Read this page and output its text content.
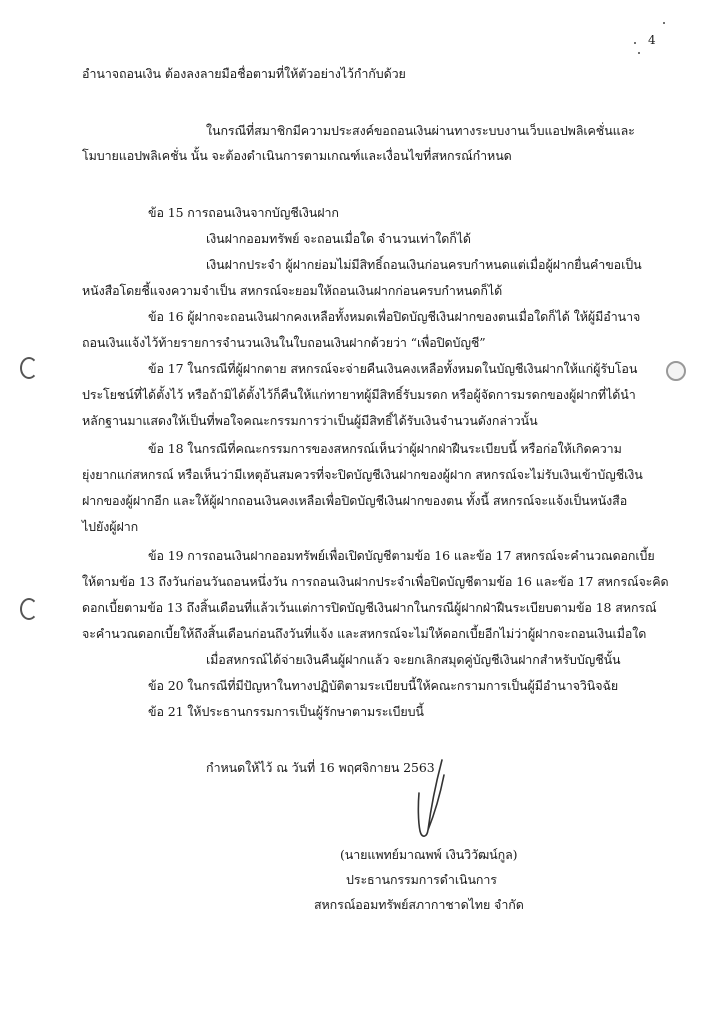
4
อำนาจถอนเงิน ต้องลงลายมือชื่อตามที่ให้ตัวอย่างไว้กำกับด้วย
ในกรณีที่สมาชิกมีความประสงค์ขอถอนเงินผ่านทางระบบงานเว็บแอปพลิเคชั่นและ
โมบายแอปพลิเคชั่น นั้น จะต้องดำเนินการตามเกณฑ์และเงื่อนไขที่สหกรณ์กำหนด
ข้อ 15 การถอนเงินจากบัญชีเงินฝาก
เงินฝากออมทรัพย์ จะถอนเมื่อใด จำนวนเท่าใดก็ได้
เงินฝากประจำ ผู้ฝากย่อมไม่มีสิทธิ์ถอนเงินก่อนครบกำหนดแต่เมื่อผู้ฝากยื่นคำขอเป็น
หนังสือโดยชี้แจงความจำเป็น สหกรณ์จะยอมให้ถอนเงินฝากก่อนครบกำหนดก็ได้
ข้อ 16 ผู้ฝากจะถอนเงินฝากคงเหลือทั้งหมดเพื่อปิดบัญชีเงินฝากของตนเมื่อใดก็ได้ ให้ผู้มีอำนาจ
ถอนเงินแจ้งไว้ท้ายรายการจำนวนเงินในใบถอนเงินฝากด้วยว่า “เพื่อปิดบัญชี”
ข้อ 17 ในกรณีที่ผู้ฝากตาย สหกรณ์จะจ่ายคืนเงินคงเหลือทั้งหมดในบัญชีเงินฝากให้แก่ผู้รับโอน
ประโยชน์ที่ได้ตั้งไว้ หรือถ้ามิได้ตั้งไว้ก็คืนให้แก่ทายาทผู้มีสิทธิ์รับมรดก หรือผู้จัดการมรดกของผู้ฝากที่ได้นำ
หลักฐานมาแสดงให้เป็นที่พอใจคณะกรรมการว่าเป็นผู้มีสิทธิ์ได้รับเงินจำนวนดังกล่าวนั้น
ข้อ 18 ในกรณีที่คณะกรรมการของสหกรณ์เห็นว่าผู้ฝากฝ่าฝืนระเบียบนี้ หรือก่อให้เกิดความ
ยุ่งยากแก่สหกรณ์ หรือเห็นว่ามีเหตุอันสมควรที่จะปิดบัญชีเงินฝากของผู้ฝาก สหกรณ์จะไม่รับเงินเข้าบัญชีเงิน
ฝากของผู้ฝากอีก และให้ผู้ฝากถอนเงินคงเหลือเพื่อปิดบัญชีเงินฝากของตน ทั้งนี้ สหกรณ์จะแจ้งเป็นหนังสือ
ไปยังผู้ฝาก
ข้อ 19 การถอนเงินฝากออมทรัพย์เพื่อเปิดบัญชีตามข้อ 16 และข้อ 17 สหกรณ์จะคำนวณดอกเบี้ย
ให้ตามข้อ 13 ถึงวันก่อนวันถอนหนึ่งวัน การถอนเงินฝากประจำเพื่อปิดบัญชีตามข้อ 16 และข้อ 17 สหกรณ์จะคิด
ดอกเบี้ยตามข้อ 13 ถึงสิ้นเดือนที่แล้วเว้นแต่การปิดบัญชีเงินฝากในกรณีผู้ฝากฝ่าฝืนระเบียบตามข้อ 18 สหกรณ์
จะคำนวณดอกเบี้ยให้ถึงสิ้นเดือนก่อนถึงวันที่แจ้ง และสหกรณ์จะไม่ให้ดอกเบี้ยอีกไม่ว่าผู้ฝากจะถอนเงินเมื่อใด
เมื่อสหกรณ์ได้จ่ายเงินคืนผู้ฝากแล้ว จะยกเลิกสมุดคู่บัญชีเงินฝากสำหรับบัญชีนั้น
ข้อ 20 ในกรณีที่มีปัญหาในทางปฏิบัติตามระเบียบนี้ให้คณะกรามการเป็นผู้มีอำนาจวินิจฉัย
ข้อ 21 ให้ประธานกรรมการเป็นผู้รักษาตามระเบียบนี้
กำหนดให้ไว้ ณ วันที่ 16 พฤศจิกายน 2563
(นายแพทย์มาณพพ์ เงินวิวัฒน์กูล)
ประธานกรรมการดำเนินการ
สหกรณ์ออมทรัพย์สภากาชาดไทย จำกัด
